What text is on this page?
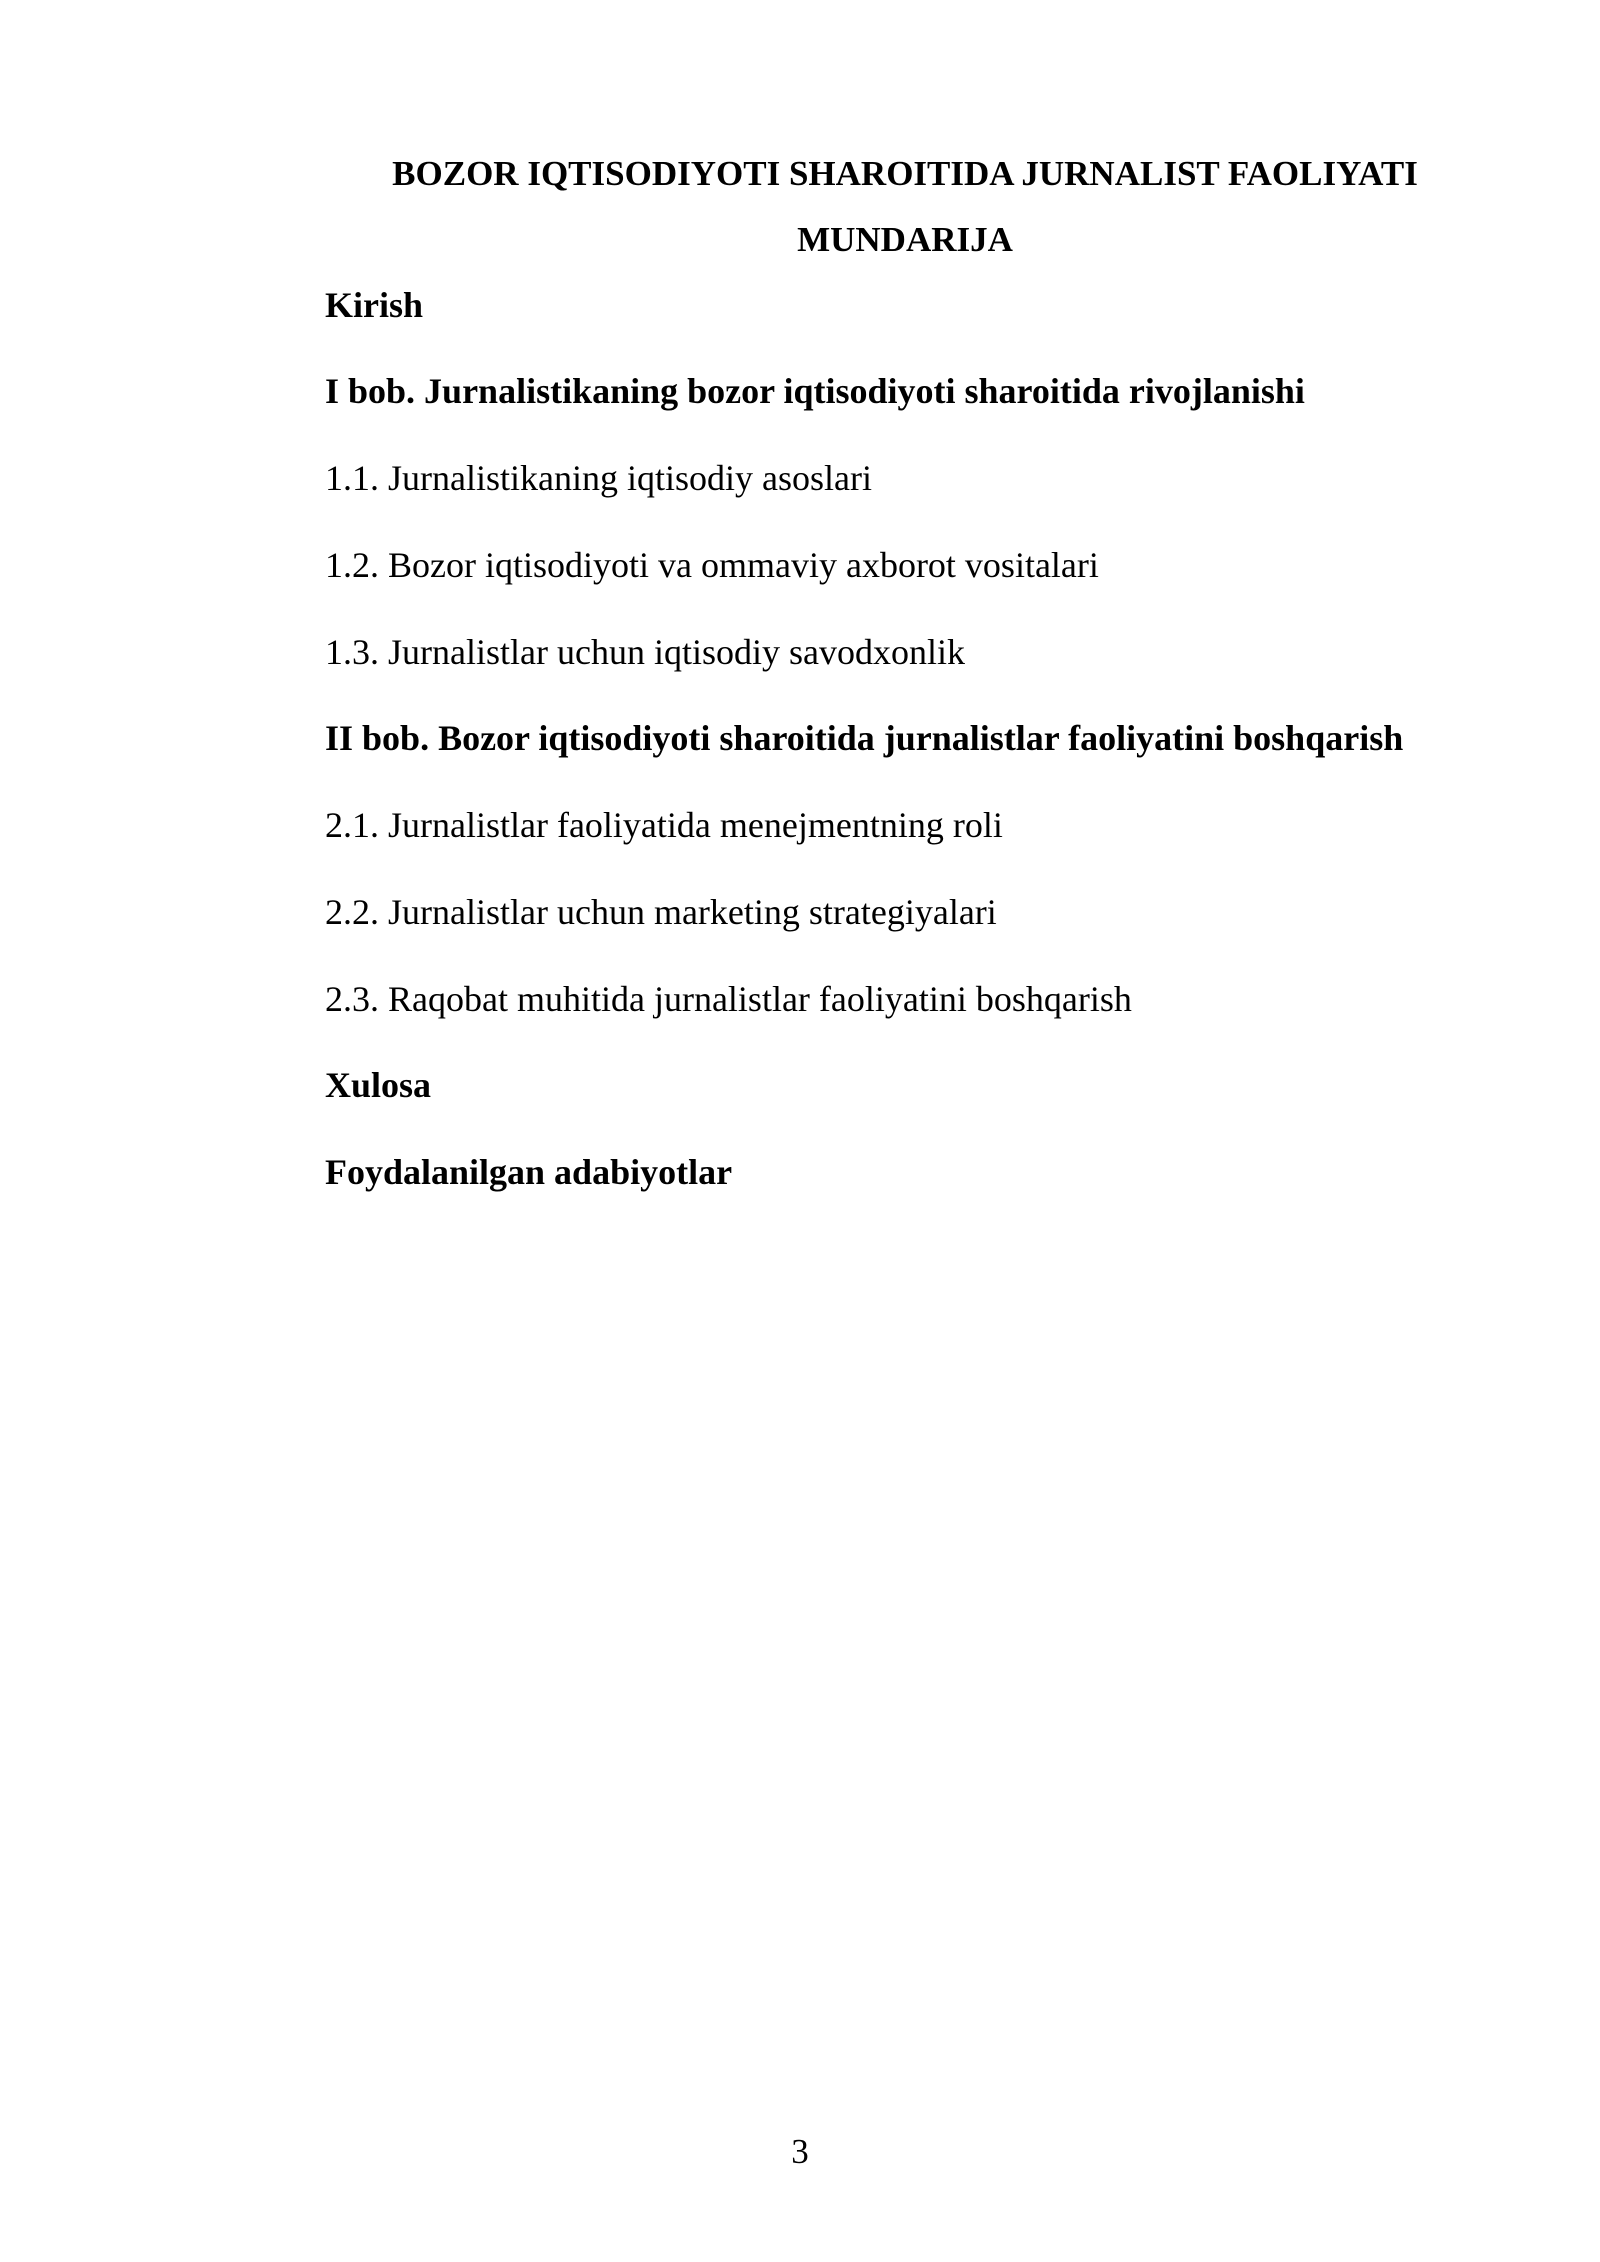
BOZOR IQTISODIYOTI SHAROITIDA JURNALIST FAOLIYATI
MUNDARIJA
Kirish
I bob. Jurnalistikaning bozor iqtisodiyoti sharoitida rivojlanishi
1.1. Jurnalistikaning iqtisodiy asoslari
1.2. Bozor iqtisodiyoti va ommaviy axborot vositalari
1.3. Jurnalistlar uchun iqtisodiy savodxonlik
II bob. Bozor iqtisodiyoti sharoitida jurnalistlar faoliyatini boshqarish
2.1. Jurnalistlar faoliyatida menejmentning roli
2.2. Jurnalistlar uchun marketing strategiyalari
2.3. Raqobat muhitida jurnalistlar faoliyatini boshqarish
Xulosa
Foydalanilgan adabiyotlar
3
